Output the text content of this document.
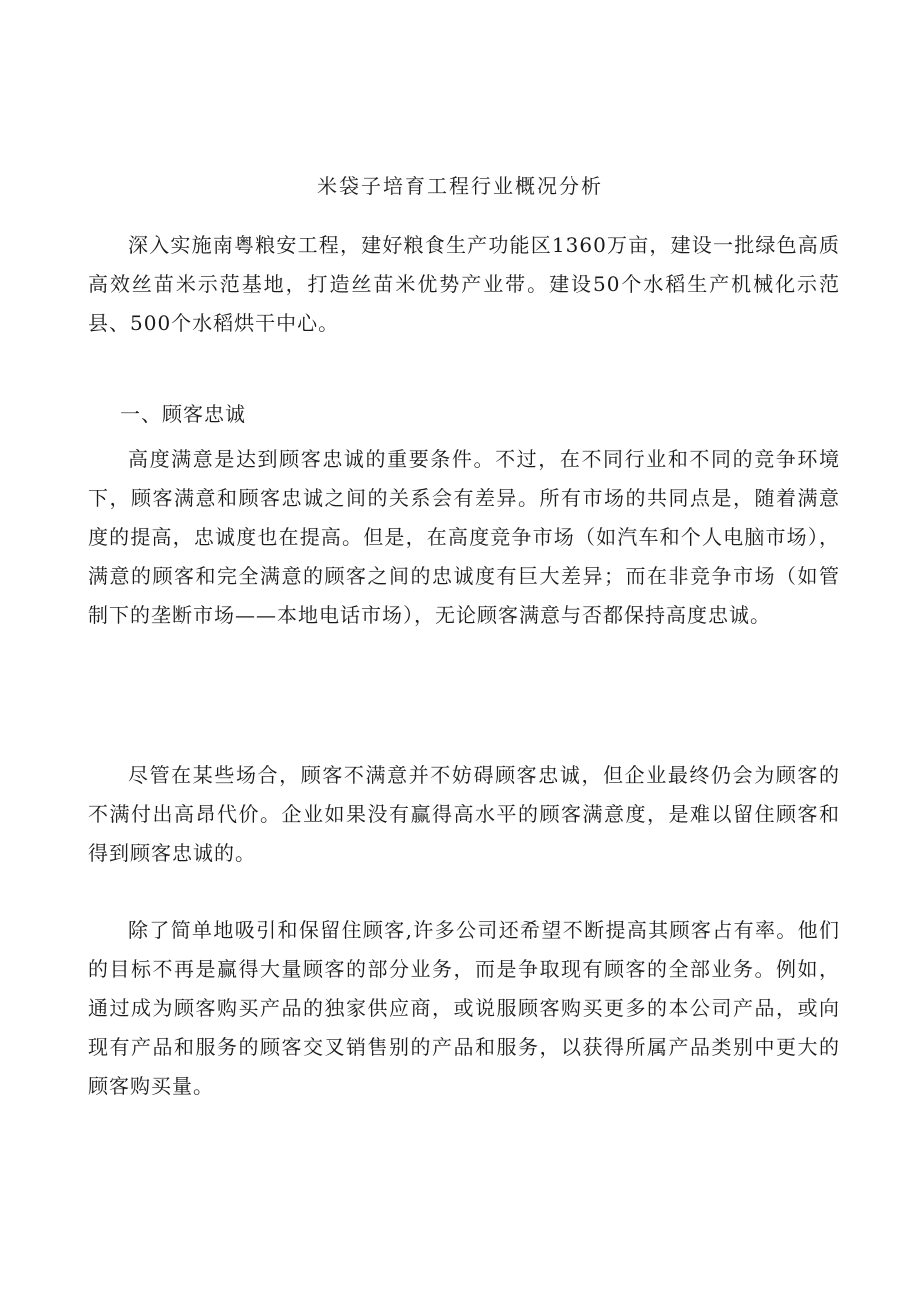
米袋子培育工程行业概况分析

深入实施南粤粮安工程，建好粮食生产功能区1360万亩，建设一批绿色高质高效丝苗米示范基地，打造丝苗米优势产业带。建设50个水稻生产机械化示范县、500个水稻烘干中心。

一、顾客忠诚

高度满意是达到顾客忠诚的重要条件。不过，在不同行业和不同的竞争环境下，顾客满意和顾客忠诚之间的关系会有差异。所有市场的共同点是，随着满意度的提高，忠诚度也在提高。但是，在高度竞争市场（如汽车和个人电脑市场），满意的顾客和完全满意的顾客之间的忠诚度有巨大差异；而在非竞争市场（如管制下的垄断市场——本地电话市场），无论顾客满意与否都保持高度忠诚。

尽管在某些场合，顾客不满意并不妨碍顾客忠诚，但企业最终仍会为顾客的不满付出高昂代价。企业如果没有赢得高水平的顾客满意度，是难以留住顾客和得到顾客忠诚的。

除了简单地吸引和保留住顾客,许多公司还希望不断提高其顾客占有率。他们的目标不再是赢得大量顾客的部分业务，而是争取现有顾客的全部业务。例如，通过成为顾客购买产品的独家供应商，或说服顾客购买更多的本公司产品，或向现有产品和服务的顾客交叉销售别的产品和服务，以获得所属产品类别中更大的顾客购买量。
